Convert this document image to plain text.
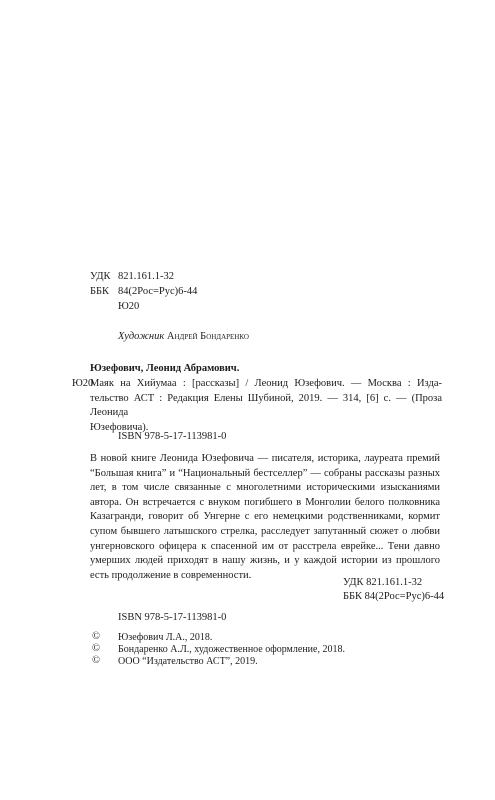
УДК 821.161.1-32
ББК 84(2Рос=Рус)6-44
Ю20
Художник Андрей Бондаренко
Юзефович, Леонид Абрамович.
Ю20
Маяк на Хийумаа : [рассказы] / Леонид Юзефович. — Москва : Изда-
тельство АСТ : Редакция Елены Шубиной, 2019. — 314, [6] с. — (Проза Леонида
Юзефовича).
ISBN 978-5-17-113981-0
В новой книге Леонида Юзефовича — писателя, историка, лауреата премий
“Большая книга” и “Национальный бестселлер” — собраны рассказы разных
лет, в том числе связанные с многолетними историческими изысканиями
автора. Он встречается с внуком погибшего в Монголии белого полковника
Казагранди, говорит об Унгерне с его немецкими родственниками, кормит
супом бывшего латышского стрелка, расследует запутанный сюжет о любви
унгерновского офицера к спасенной им от расстрела еврейке... Тени давно
умерших людей приходят в нашу жизнь, и у каждой истории из прошлого
есть продолжение в современности.
УДК 821.161.1-32
ББК 84(2Рос=Рус)6-44
ISBN 978-5-17-113981-0
© Юзефович Л.А., 2018.
© Бондаренко А.Л., художественное оформление, 2018.
© ООО “Издательство АСТ”, 2019.
